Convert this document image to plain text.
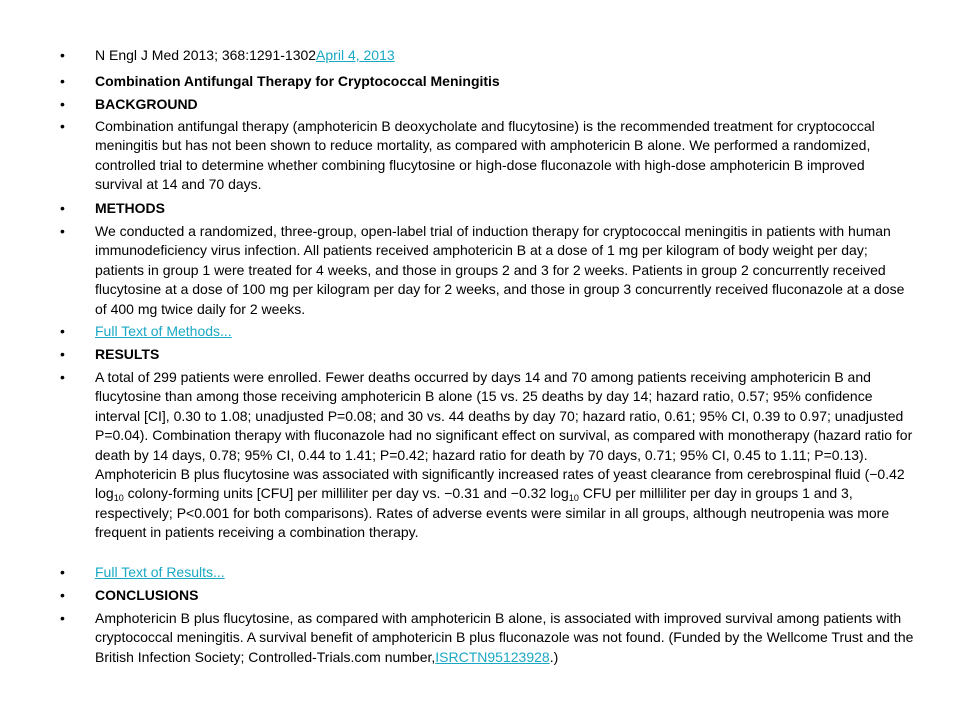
• N Engl J Med 2013; 368:1291-1302April 4, 2013
• Combination Antifungal Therapy for Cryptococcal Meningitis
• BACKGROUND
• Combination antifungal therapy (amphotericin B deoxycholate and flucytosine) is the recommended treatment for cryptococcal meningitis but has not been shown to reduce mortality, as compared with amphotericin B alone. We performed a randomized, controlled trial to determine whether combining flucytosine or high-dose fluconazole with high-dose amphotericin B improved survival at 14 and 70 days.
• METHODS
• We conducted a randomized, three-group, open-label trial of induction therapy for cryptococcal meningitis in patients with human immunodeficiency virus infection. All patients received amphotericin B at a dose of 1 mg per kilogram of body weight per day; patients in group 1 were treated for 4 weeks, and those in groups 2 and 3 for 2 weeks. Patients in group 2 concurrently received flucytosine at a dose of 100 mg per kilogram per day for 2 weeks, and those in group 3 concurrently received fluconazole at a dose of 400 mg twice daily for 2 weeks.
• Full Text of Methods...
• RESULTS
• A total of 299 patients were enrolled. Fewer deaths occurred by days 14 and 70 among patients receiving amphotericin B and flucytosine than among those receiving amphotericin B alone (15 vs. 25 deaths by day 14; hazard ratio, 0.57; 95% confidence interval [CI], 0.30 to 1.08; unadjusted P=0.08; and 30 vs. 44 deaths by day 70; hazard ratio, 0.61; 95% CI, 0.39 to 0.97; unadjusted P=0.04). Combination therapy with fluconazole had no significant effect on survival, as compared with monotherapy (hazard ratio for death by 14 days, 0.78; 95% CI, 0.44 to 1.41; P=0.42; hazard ratio for death by 70 days, 0.71; 95% CI, 0.45 to 1.11; P=0.13). Amphotericin B plus flucytosine was associated with significantly increased rates of yeast clearance from cerebrospinal fluid (−0.42 $\log_{10}$ colony-forming units [CFU] per milliliter per day vs. −0.31 and −0.32 $\log_{10}$ CFU per milliliter per day in groups 1 and 3, respectively; P<0.001 for both comparisons). Rates of adverse events were similar in all groups, although neutropenia was more frequent in patients receiving a combination therapy.
• Full Text of Results...
• CONCLUSIONS
• Amphotericin B plus flucytosine, as compared with amphotericin B alone, is associated with improved survival among patients with cryptococcal meningitis. A survival benefit of amphotericin B plus fluconazole was not found. (Funded by the Wellcome Trust and the British Infection Society; Controlled-Trials.com number,ISRCTN95123928.)
